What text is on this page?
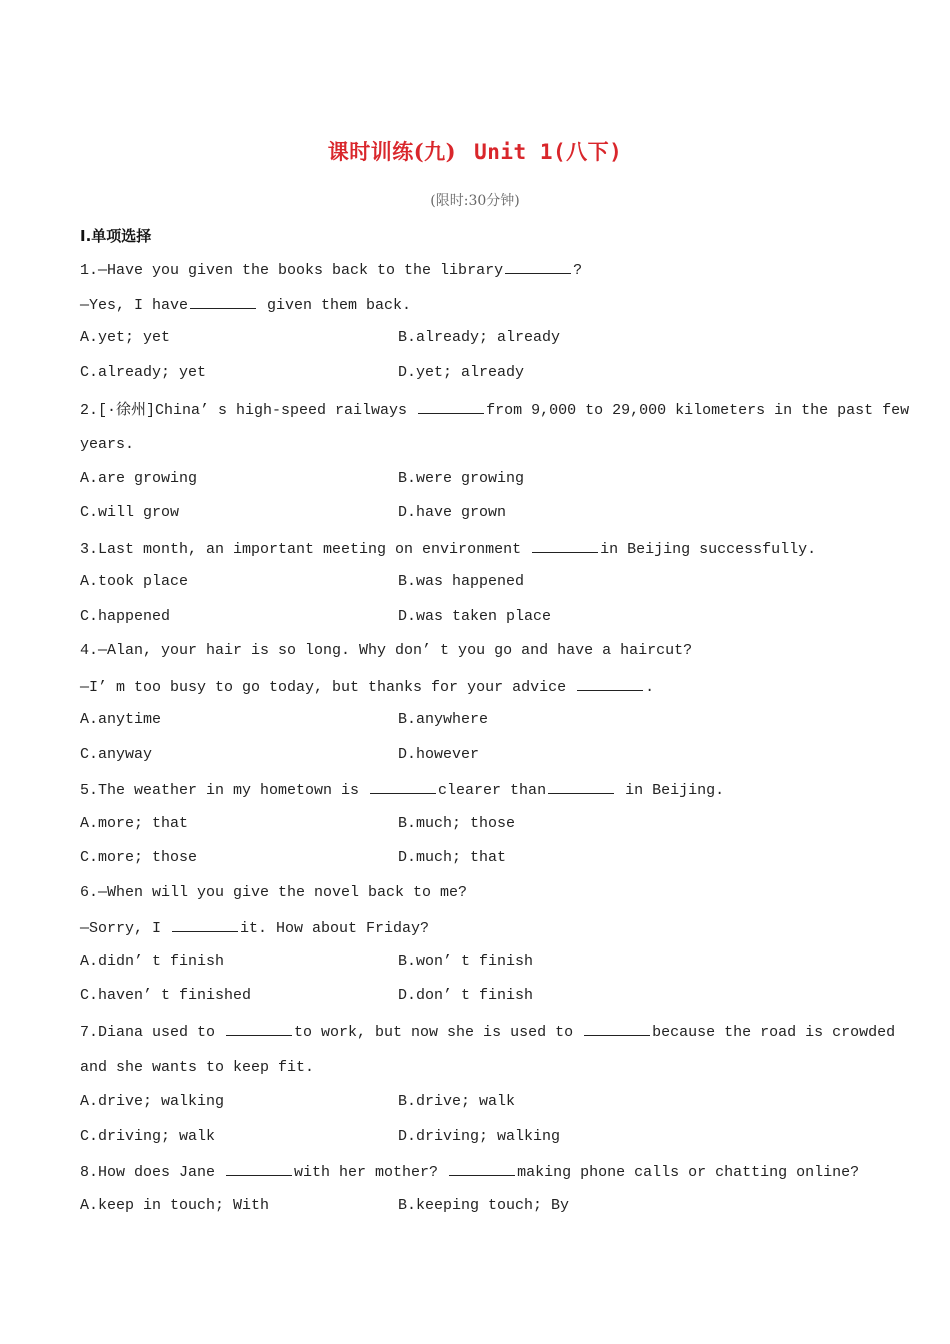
课时训练(九) Unit 1(八下)
(限时:30分钟)
Ⅰ.单项选择
1.—Have you given the books back to the library	?
—Yes, I have	given them back.
A.yet; yet	B.already; already
C.already; yet	D.yet; already
2.[·徐州]China’ s high-speed railways	from 9,000 to 29,000 kilometers in the past few
years.
A.are growing	B.were growing
C.will grow	D.have grown
3.Last month, an important meeting on environment	in Beijing successfully.
A.took place	B.was happened
C.happened	D.was taken place
4.—Alan, your hair is so long. Why don’ t you go and have a haircut?
—I’ m too busy to go today, but thanks for your advice	.
A.anytime	B.anywhere
C.anyway	D.however
5.The weather in my hometown is	clearer than	in Beijing.
A.more; that	B.much; those
C.more; those	D.much; that
6.—When will you give the novel back to me?
—Sorry, I	it. How about Friday?
A.didn’ t finish	B.won’ t finish
C.haven’ t finished	D.don’ t finish
7.Diana used to	to work, but now she is used to	because the road is crowded
and she wants to keep fit.
A.drive; walking	B.drive; walk
C.driving; walk	D.driving; walking
8.How does Jane	with her mother?	making phone calls or chatting online?
A.keep in touch; With	B.keeping touch; By
